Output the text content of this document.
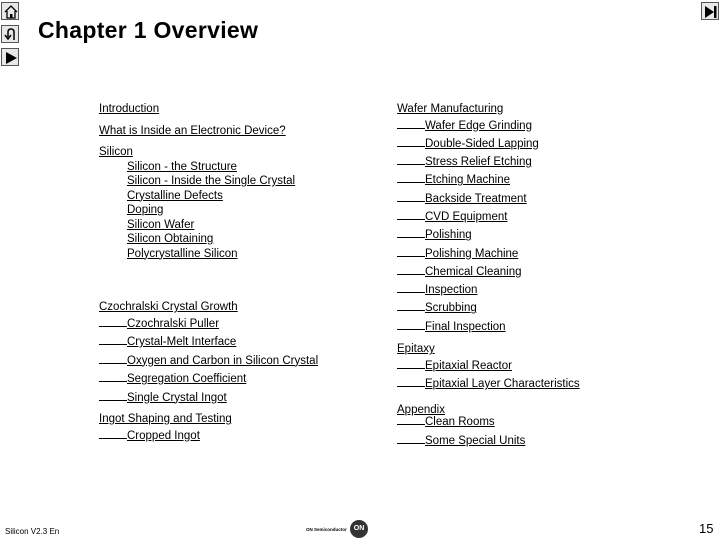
Chapter 1 Overview
Introduction
What is Inside an Electronic Device?
Silicon
Silicon - the Structure
Silicon - Inside the Single Crystal
Crystalline Defects
Doping
Silicon Wafer
Silicon Obtaining
Polycrystalline Silicon
Czochralski Crystal Growth
Czochralski Puller
Crystal-Melt Interface
Oxygen and Carbon in Silicon Crystal
Segregation Coefficient
Single Crystal Ingot
Ingot Shaping and Testing
Cropped Ingot
Wafer Manufacturing
Wafer Edge Grinding
Double-Sided Lapping
Stress Relief Etching
Etching Machine
Backside Treatment
CVD Equipment
Polishing
Polishing Machine
Chemical Cleaning
Inspection
Scrubbing
Final Inspection
Epitaxy
Epitaxial Reactor
Epitaxial Layer Characteristics
Appendix
Clean Rooms
Some Special Units
Silicon V2.3 En	ON Semiconductor ON	15
